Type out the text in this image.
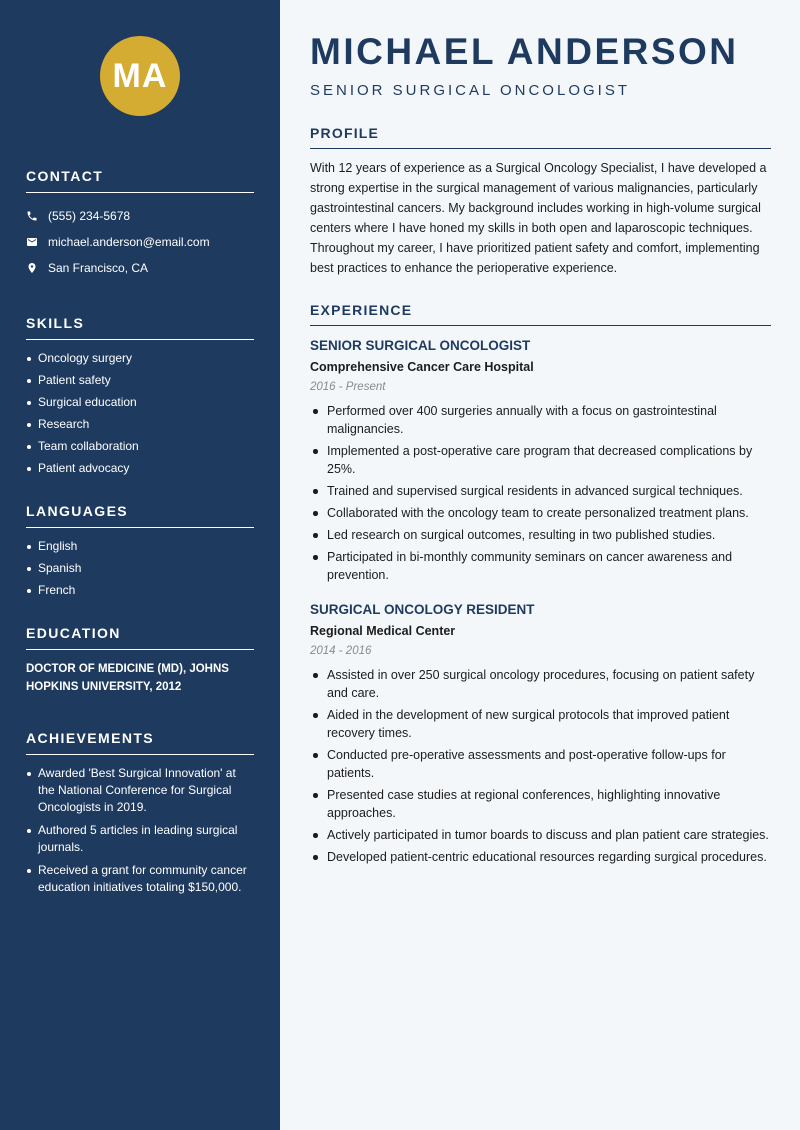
MA
CONTACT
(555) 234-5678
michael.anderson@email.com
San Francisco, CA
SKILLS
Oncology surgery
Patient safety
Surgical education
Research
Team collaboration
Patient advocacy
LANGUAGES
English
Spanish
French
EDUCATION

DOCTOR OF MEDICINE (MD), JOHNS HOPKINS UNIVERSITY, 2012

ACHIEVEMENTS
Awarded 'Best Surgical Innovation' at the National Conference for Surgical Oncologists in 2019.
Authored 5 articles in leading surgical journals.
Received a grant for community cancer education initiatives totaling $150,000.
MICHAEL ANDERSON
SENIOR SURGICAL ONCOLOGIST
PROFILE

With 12 years of experience as a Surgical Oncology Specialist, I have developed a strong expertise in the surgical management of various malignancies, particularly gastrointestinal cancers. My background includes working in high-volume surgical centers where I have honed my skills in both open and laparoscopic techniques. Throughout my career, I have prioritized patient safety and comfort, implementing best practices to enhance the perioperative experience.

EXPERIENCE
SENIOR SURGICAL ONCOLOGIST
Comprehensive Cancer Care Hospital
2016 - Present
Performed over 400 surgeries annually with a focus on gastrointestinal malignancies.
Implemented a post-operative care program that decreased complications by 25%.
Trained and supervised surgical residents in advanced surgical techniques.
Collaborated with the oncology team to create personalized treatment plans.
Led research on surgical outcomes, resulting in two published studies.
Participated in bi-monthly community seminars on cancer awareness and prevention.
SURGICAL ONCOLOGY RESIDENT
Regional Medical Center
2014 - 2016
Assisted in over 250 surgical oncology procedures, focusing on patient safety and care.
Aided in the development of new surgical protocols that improved patient recovery times.
Conducted pre-operative assessments and post-operative follow-ups for patients.
Presented case studies at regional conferences, highlighting innovative approaches.
Actively participated in tumor boards to discuss and plan patient care strategies.
Developed patient-centric educational resources regarding surgical procedures.
